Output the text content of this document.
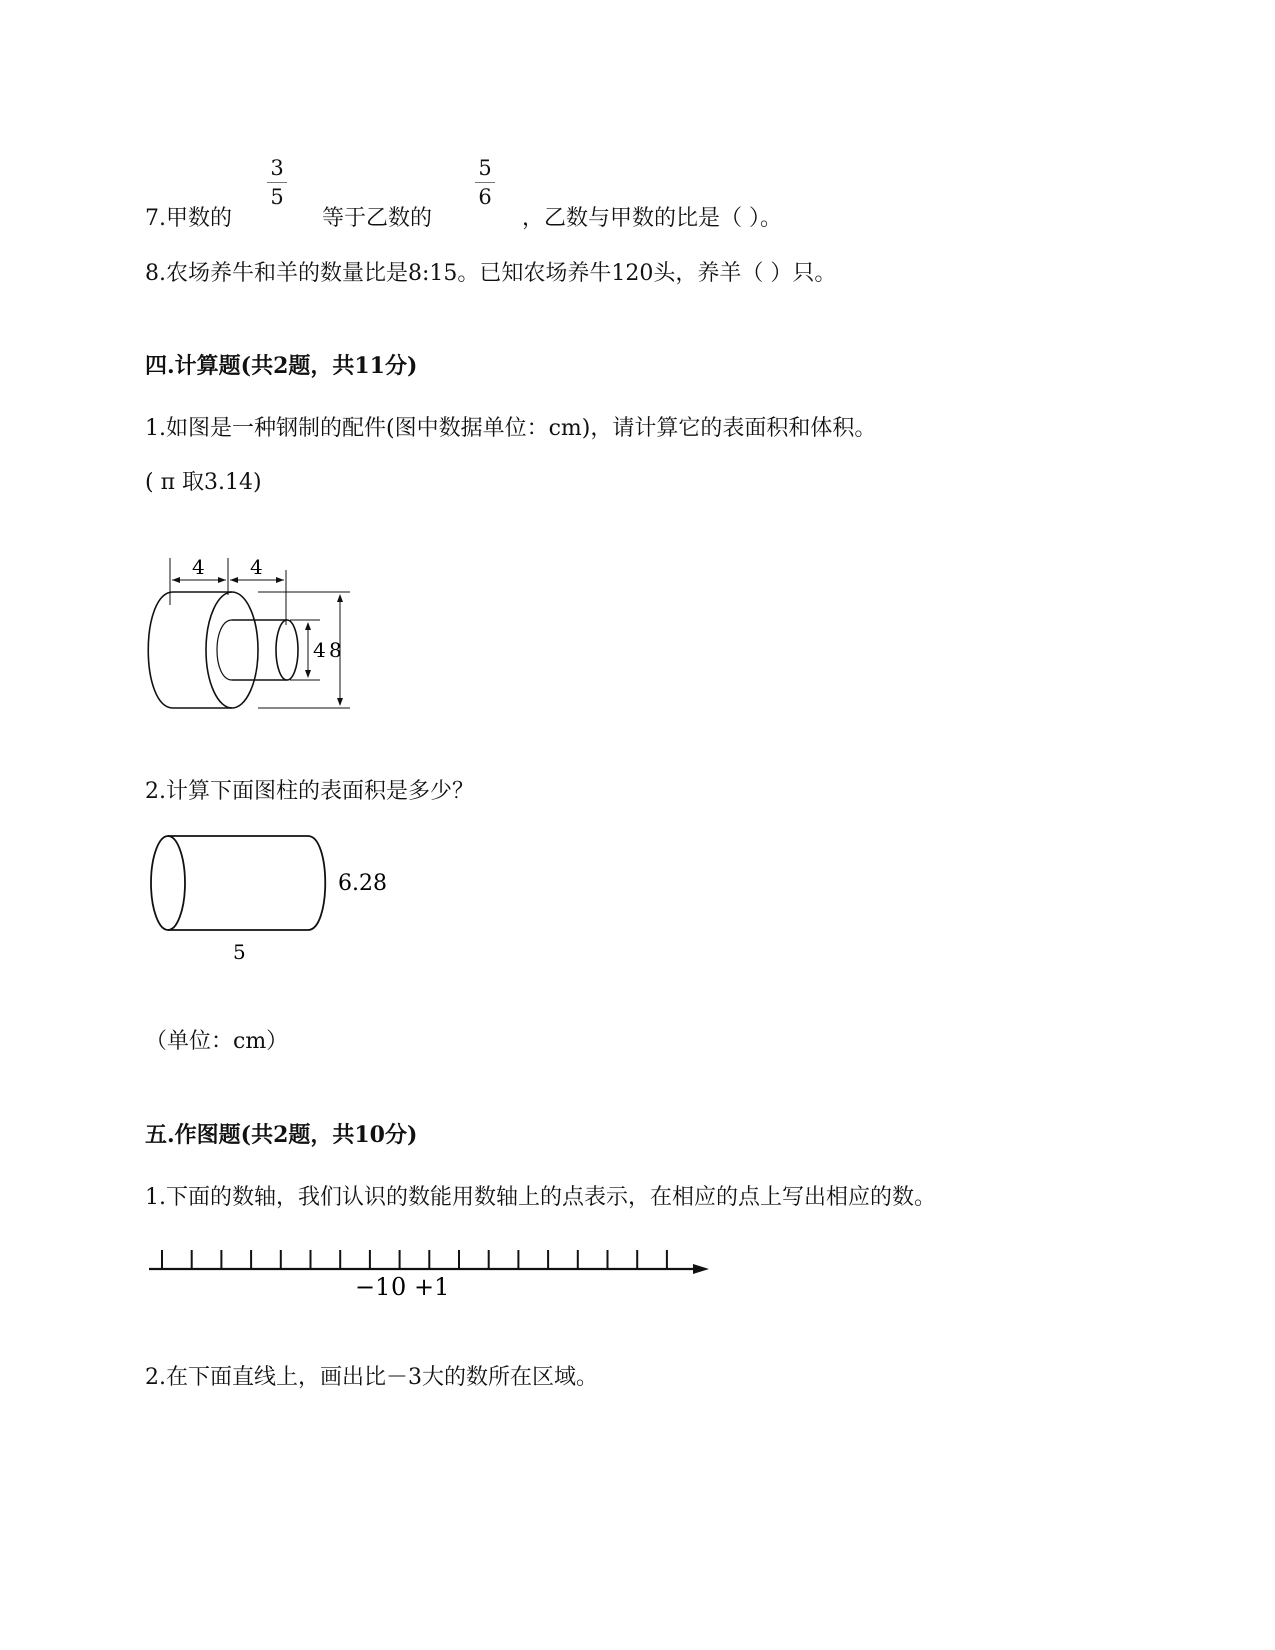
7.甲数的
3
5
等于乙数的
5
6
，乙数与甲数的比是（ ）。
8.农场养牛和羊的数量比是8:15。已知农场养牛120头，养羊（ ）只。
四.计算题(共2题，共11分)
1.如图是一种钢制的配件(图中数据单位：cm)，请计算它的表面积和体积。
( π 取3.14)
4 4
4 8
2.计算下面图柱的表面积是多少？
6.28
5
（单位：cm）
五.作图题(共2题，共10分)
1.下面的数轴，我们认识的数能用数轴上的点表示，在相应的点上写出相应的数。
−1 0 +1
2.在下面直线上，画出比－3大的数所在区域。
